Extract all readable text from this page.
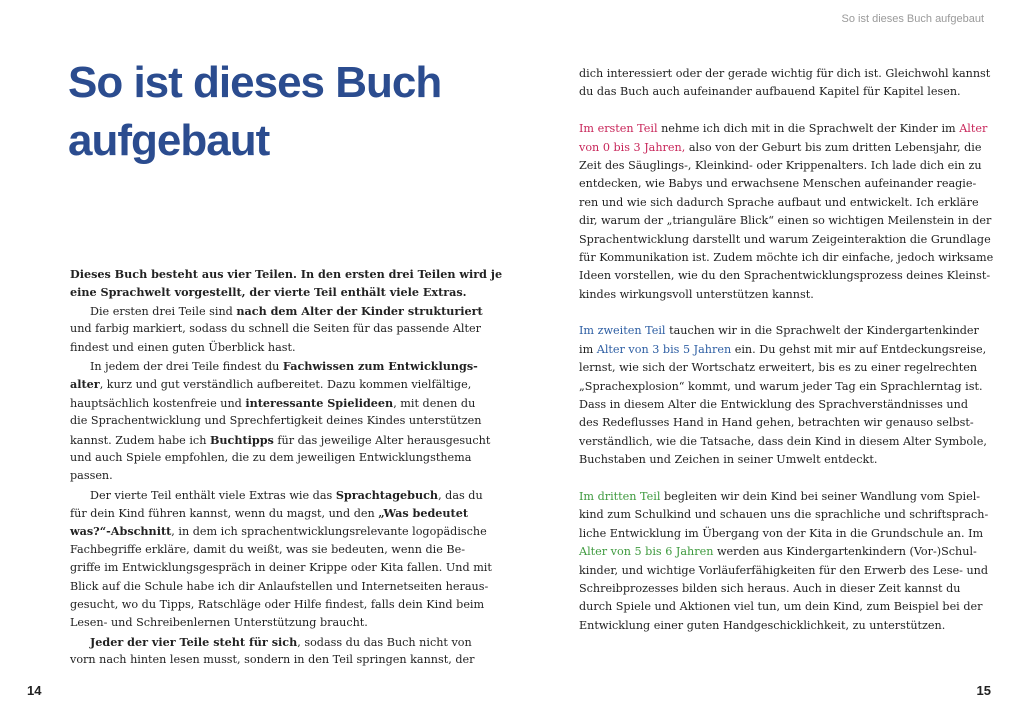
So ist dieses Buch aufgebaut
So ist dieses Buch
aufgebaut
Dieses Buch besteht aus vier Teilen. In den ersten drei Teilen wird je
eine Sprachwelt vorgestellt, der vierte Teil enthält viele Extras.
Die ersten drei Teile sind nach dem Alter der Kinder strukturiert
und farbig markiert, sodass du schnell die Seiten für das passende Alter
findest und einen guten Überblick hast.
In jedem der drei Teile findest du Fachwissen zum Entwicklungs-
alter, kurz und gut verständlich aufbereitet. Dazu kommen vielfältige,
hauptsächlich kostenfreie und interessante Spielideen, mit denen du
die Sprachentwicklung und Sprechfertigkeit deines Kindes unterstützen
kannst. Zudem habe ich Buchtipps für das jeweilige Alter herausgesucht
und auch Spiele empfohlen, die zu dem jeweiligen Entwicklungsthema
passen.
Der vierte Teil enthält viele Extras wie das Sprachtagebuch, das du
für dein Kind führen kannst, wenn du magst, und den „Was bedeutet
was?“-Abschnitt, in dem ich sprachentwicklungsrelevante logopädische
Fachbegriffe erkläre, damit du weißt, was sie bedeuten, wenn die Be-
griffe im Entwicklungsgespräch in deiner Krippe oder Kita fallen. Und mit
Blick auf die Schule habe ich dir Anlaufstellen und Internetseiten heraus-
gesucht, wo du Tipps, Ratschläge oder Hilfe findest, falls dein Kind beim
Lesen- und Schreibenlernen Unterstützung braucht.
Jeder der vier Teile steht für sich, sodass du das Buch nicht von
vorn nach hinten lesen musst, sondern in den Teil springen kannst, der
dich interessiert oder der gerade wichtig für dich ist. Gleichwohl kannst
du das Buch auch aufeinander aufbauend Kapitel für Kapitel lesen.
Im ersten Teil nehme ich dich mit in die Sprachwelt der Kinder im Alter
von 0 bis 3 Jahren, also von der Geburt bis zum dritten Lebensjahr, die
Zeit des Säuglings-, Kleinkind- oder Krippenalters. Ich lade dich ein zu
entdecken, wie Babys und erwachsene Menschen aufeinander reagie-
ren und wie sich dadurch Sprache aufbaut und entwickelt. Ich erkläre
dir, warum der „trianguläre Blick“ einen so wichtigen Meilenstein in der
Sprachentwicklung darstellt und warum Zeigeinteraktion die Grundlage
für Kommunikation ist. Zudem möchte ich dir einfache, jedoch wirksame
Ideen vorstellen, wie du den Sprachentwicklungsprozess deines Kleinst-
kindes wirkungsvoll unterstützen kannst.
Im zweiten Teil tauchen wir in die Sprachwelt der Kindergartenkinder
im Alter von 3 bis 5 Jahren ein. Du gehst mit mir auf Entdeckungsreise,
lernst, wie sich der Wortschatz erweitert, bis es zu einer regelrechten
„Sprachexplosion“ kommt, und warum jeder Tag ein Sprachlerntag ist.
Dass in diesem Alter die Entwicklung des Sprachverständnisses und
des Redeflusses Hand in Hand gehen, betrachten wir genauso selbst-
verständlich, wie die Tatsache, dass dein Kind in diesem Alter Symbole,
Buchstaben und Zeichen in seiner Umwelt entdeckt.
Im dritten Teil begleiten wir dein Kind bei seiner Wandlung vom Spiel-
kind zum Schulkind und schauen uns die sprachliche und schriftsprach-
liche Entwicklung im Übergang von der Kita in die Grundschule an. Im
Alter von 5 bis 6 Jahren werden aus Kindergartenkindern (Vor-)Schul-
kinder, und wichtige Vorläuferfähigkeiten für den Erwerb des Lese- und
Schreibprozesses bilden sich heraus. Auch in dieser Zeit kannst du
durch Spiele und Aktionen viel tun, um dein Kind, zum Beispiel bei der
Entwicklung einer guten Handgeschicklichkeit, zu unterstützen.
14	15
